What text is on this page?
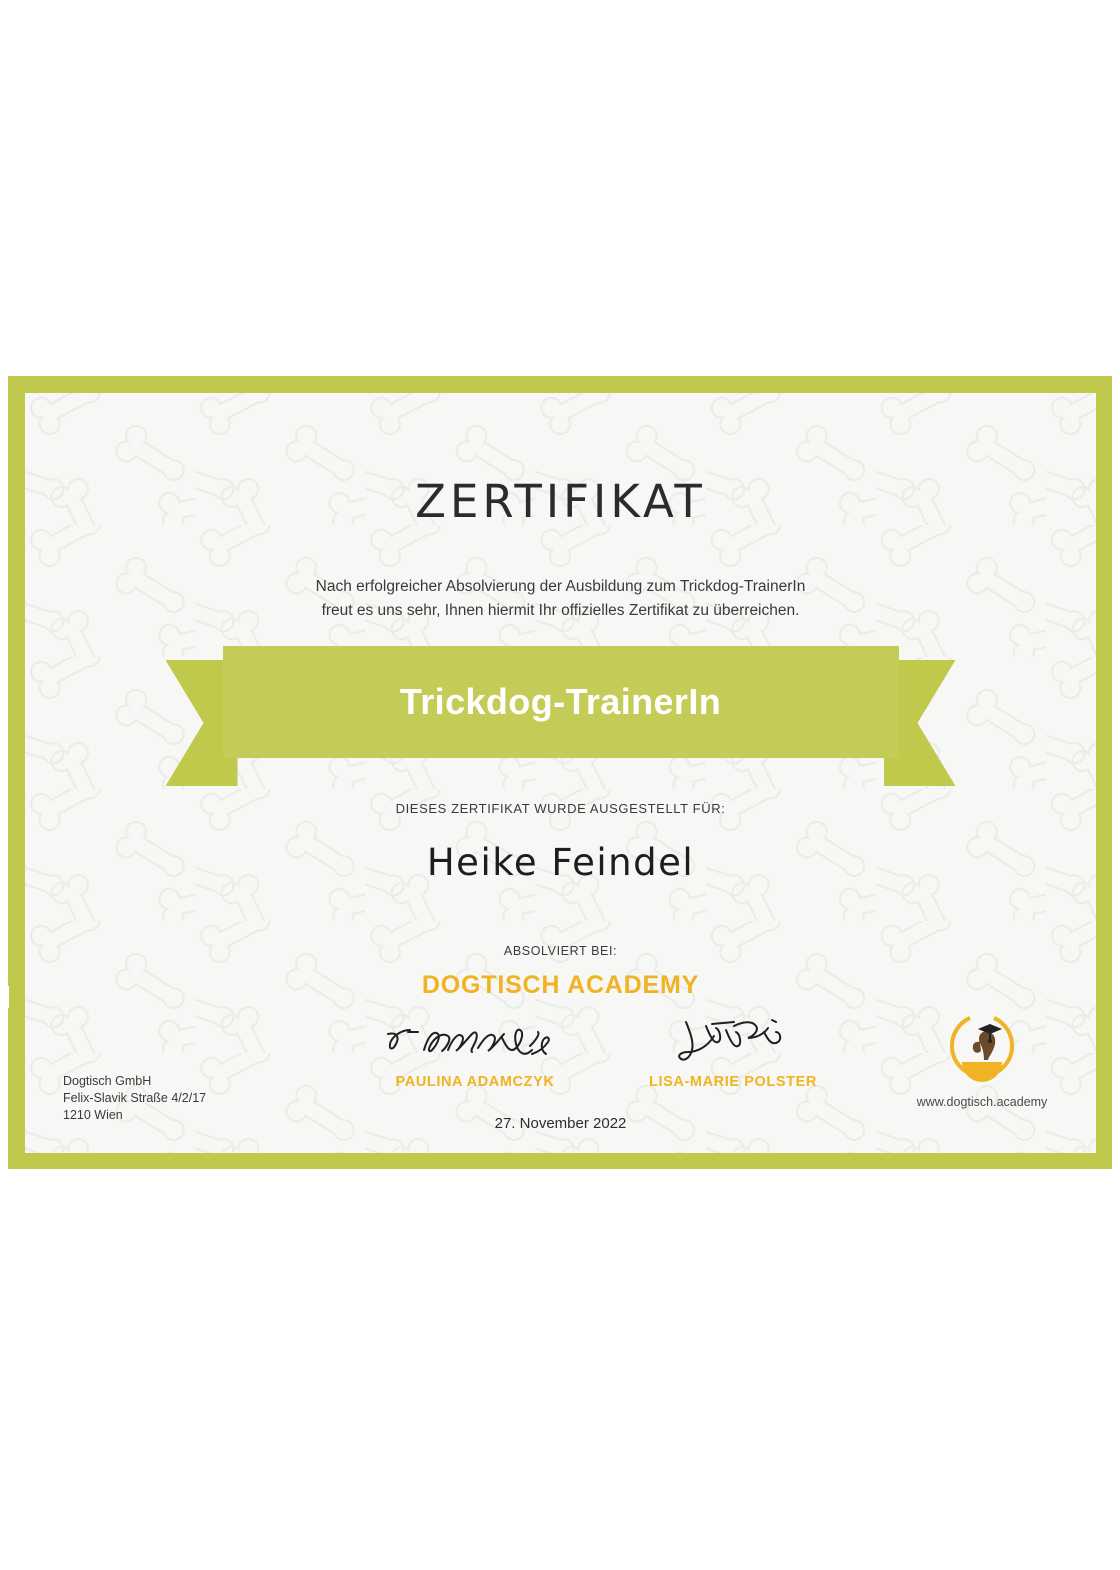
ZERTIFIKAT
Nach erfolgreicher Absolvierung der Ausbildung zum Trickdog-TrainerIn
freut es uns sehr, Ihnen hiermit Ihr offizielles Zertifikat zu überreichen.
Trickdog-TrainerIn
DIESES ZERTIFIKAT WURDE AUSGESTELLT FÜR:
Heike Feindel
ABSOLVIERT BEI:
DOGTISCH ACADEMY
PAULINA ADAMCZYK	LISA-MARIE POLSTER
Dogtisch GmbH
Felix-Slavik Straße 4/2/17
1210 Wien	27. November 2022
www.dogtisch.academy
